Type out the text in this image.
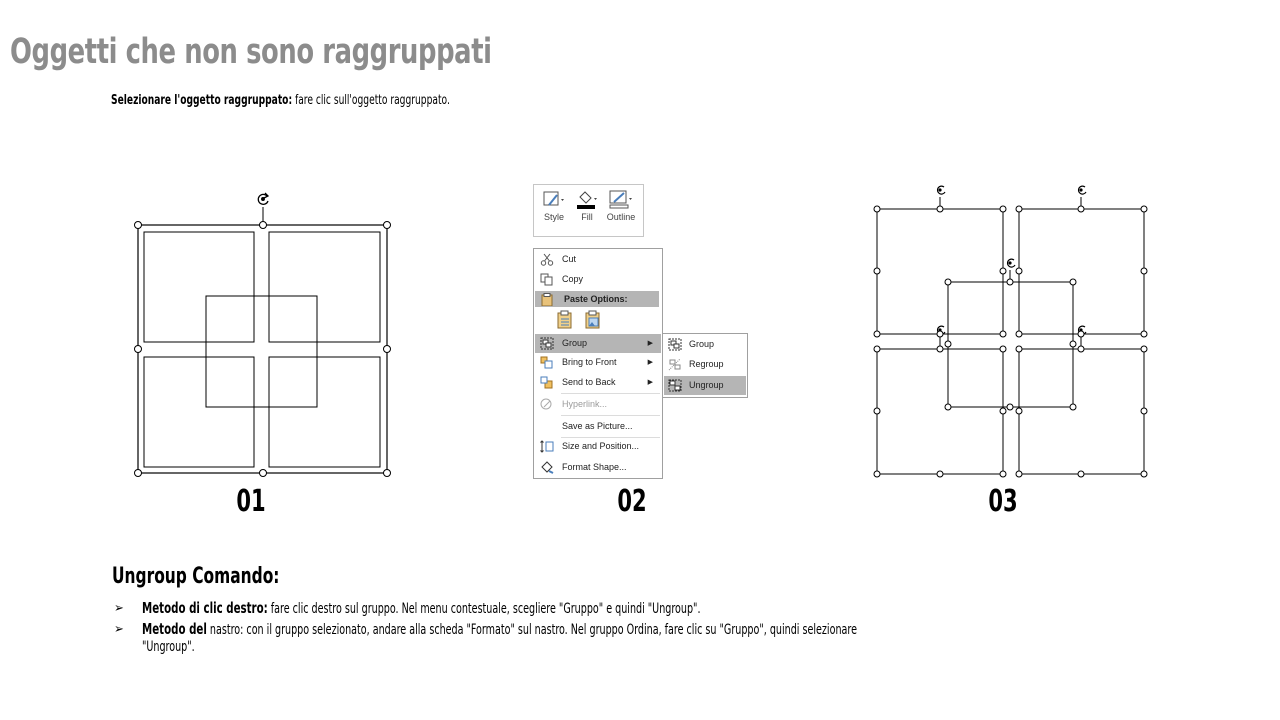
Oggetti che non sono raggruppati
Selezionare l'oggetto raggruppato: fare clic sull'oggetto raggruppato.
01
Style	Fill	Outline
Cut
Copy
Paste Options:
Group	▶
Bring to Front	▶
Send to Back	▶
Hyperlink...
Save as Picture...
Size and Position...
Format Shape...
Group
Regroup
Ungroup
02	03
Ungroup Comando:
➢ Metodo di clic destro: fare clic destro sul gruppo. Nel menu contestuale, scegliere "Gruppo" e quindi "Ungroup".
➢ Metodo del nastro: con il gruppo selezionato, andare alla scheda "Formato" sul nastro. Nel gruppo Ordina, fare clic su "Gruppo", quindi selezionare
"Ungroup".
